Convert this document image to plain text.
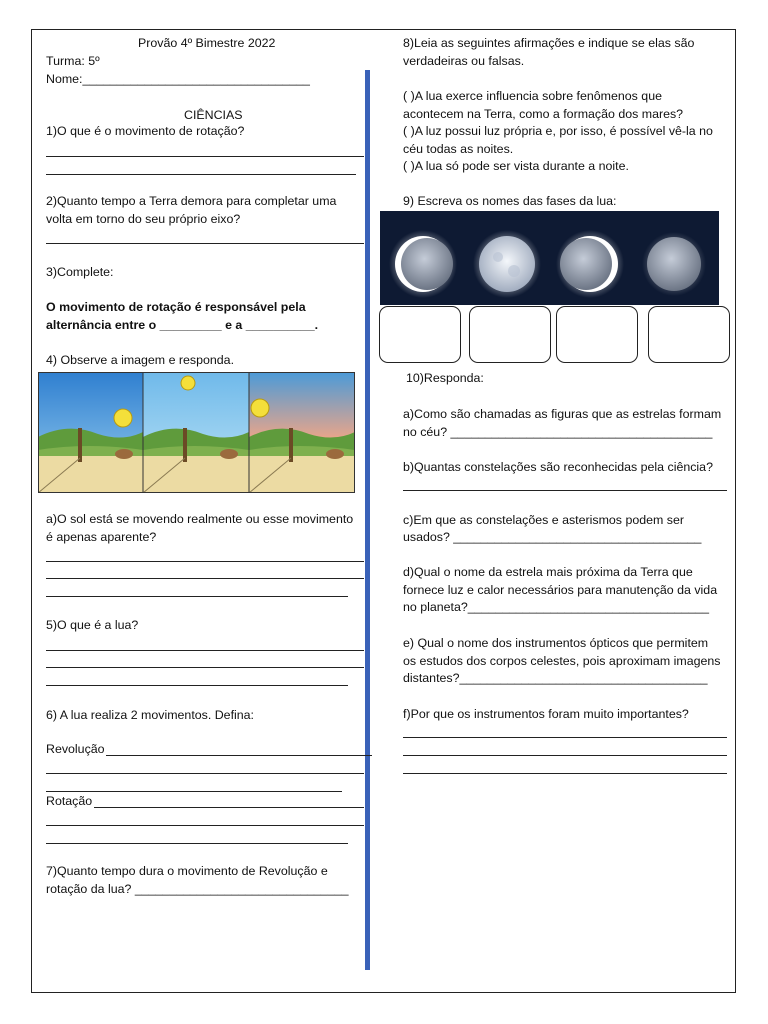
Provão 4º Bimestre 2022
Turma: 5º
Nome:_________________________________
CIÊNCIAS
1)O que é o movimento de rotação?
2)Quanto tempo a Terra demora para completar uma
volta em torno do seu próprio eixo?
3)Complete:
O movimento de rotação é responsável pela
alternância entre o _________ e a __________.
4) Observe a imagem e responda.
a)O sol está se movendo realmente ou esse movimento
é apenas aparente?
5)O que é a lua?
6) A lua realiza 2 movimentos. Defina:
Revolução
Rotação
7)Quanto tempo dura o movimento de Revolução e
rotação da lua? _______________________________
8)Leia as seguintes afirmações e indique se elas são
verdadeiras ou falsas.
( )A lua exerce influencia sobre fenômenos que
acontecem na Terra, como a formação dos mares?
( )A luz possui luz própria e, por isso, é possível vê-la no
céu todas as noites.
( )A lua só pode ser vista durante a noite.
9) Escreva os nomes das fases da lua:
10)Responda:
a)Como são chamadas as figuras que as estrelas formam
no céu? ______________________________________
b)Quantas constelações são reconhecidas pela ciência?
c)Em que as constelações e asterismos podem ser
usados? ____________________________________
d)Qual o nome da estrela mais próxima da Terra que
fornece luz e calor necessários para manutenção da vida
no planeta?___________________________________
e) Qual o nome dos instrumentos ópticos que permitem
os estudos dos corpos celestes, pois aproximam imagens
distantes?____________________________________
f)Por que os instrumentos foram muito importantes?
